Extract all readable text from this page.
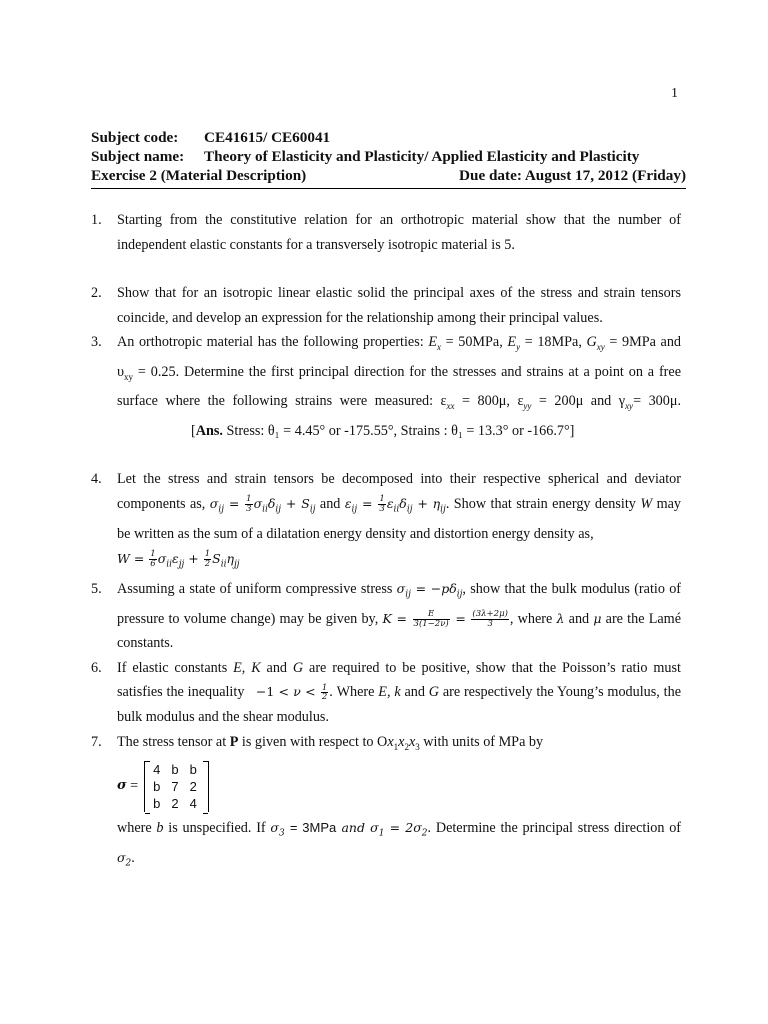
1
Subject code:	CE41615/ CE60041
Subject name:	Theory of Elasticity and Plasticity/ Applied Elasticity and Plasticity
Exercise 2 (Material Description)	Due date: August 17, 2012 (Friday)
1.	Starting from the constitutive relation for an orthotropic material show that the number of independent elastic constants for a transversely isotropic material is 5.
2.	Show that for an isotropic linear elastic solid the principal axes of the stress and strain tensors coincide, and develop an expression for the relationship among their principal values.
3.	An orthotropic material has the following properties: $E_x = 50MPa$, $E_y = 18MPa$, $G_{xy} = 9MPa$ and $\upsilon_{xy} = 0.25$. Determine the first principal direction for the stresses and strains at a point on a free surface where the following strains were measured: $\varepsilon_{xx} = 800\mu$, $\varepsilon_{yy} = 200\mu$ and $\gamma_{xy}= 300\mu$. [Ans. Stress: θ₁ = 4.45° or -175.55°, Strains : θ₁ = 13.3° or -166.7°]
4.	Let the stress and strain tensors be decomposed into their respective spherical and deviator components as, $\sigma_{ij} = \frac{1}{3} \sigma_{ii}\delta_{ij} + S_{ij}$ and $\varepsilon_{ij} = \frac{1}{3} \varepsilon_{ii}\delta_{ij} + \eta_{ij}$. Show that strain energy density W may be written as the sum of a dilatation energy density and distortion energy density as,
$W = \frac{1}{6} \sigma_{ii}\varepsilon_{jj} + \frac{1}{2} S_{ii}\eta_{jj}$
5.	Assuming a state of uniform compressive stress $\sigma_{ij} = -p\delta_{ij}$, show that the bulk modulus (ratio of pressure to volume change) may be given by, $K = \frac{E}{3(1-2\nu)} = \frac{(3\lambda+2\mu)}{3}$ , where λ and μ are the Lamé constants.
6.	If elastic constants E, K and G are required to be positive, show that the Poisson’s ratio must satisfies the inequality   $-1 < \nu < \frac{1}{2}$ . Where E, k and G are respectively the Young’s modulus, the bulk modulus and the shear modulus.
7.	The stress tensor at P is given with respect to $Ox_1x_2x_3$ with units of MPa by
σ =
4	b	b
b	7	2
b	2	4
where b is unspecified. If $\sigma_3 = 3MPa$ and $\sigma_1 = 2\sigma_2$. Determine the principal stress direction of $\sigma_2$.
